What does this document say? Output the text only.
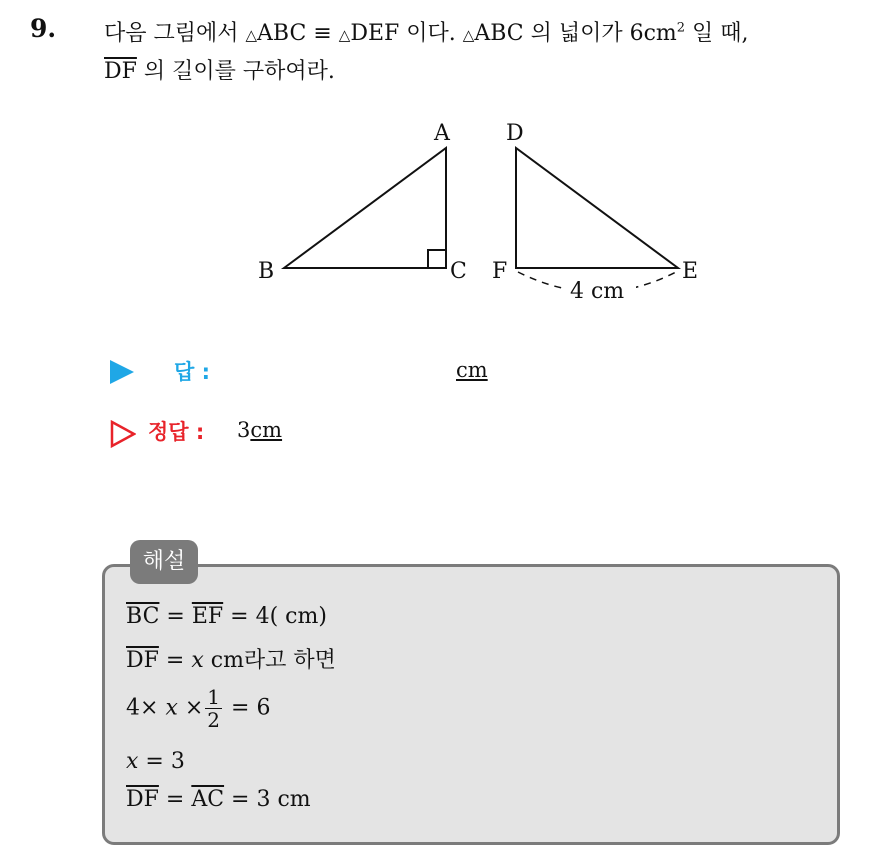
9. 다음 그림에서 △ABC ≡ △DEF 이다. △ABC 의 넓이가 $6cm^2$ 일 때,
$\overline{DF}$ 의 길이를 구하여라.
A
B	C
D
E
F
4 cm
답 :	cm
정답 : 3cm
해설
$\overline{BC} = \overline{EF} = 4$( cm)
$\overline{DF} = x$ cm라고 하면
$4\times x \times \frac{1}{2} = 6$
x = 3
$\overline{DF} = \overline{AC} = 3$ cm
